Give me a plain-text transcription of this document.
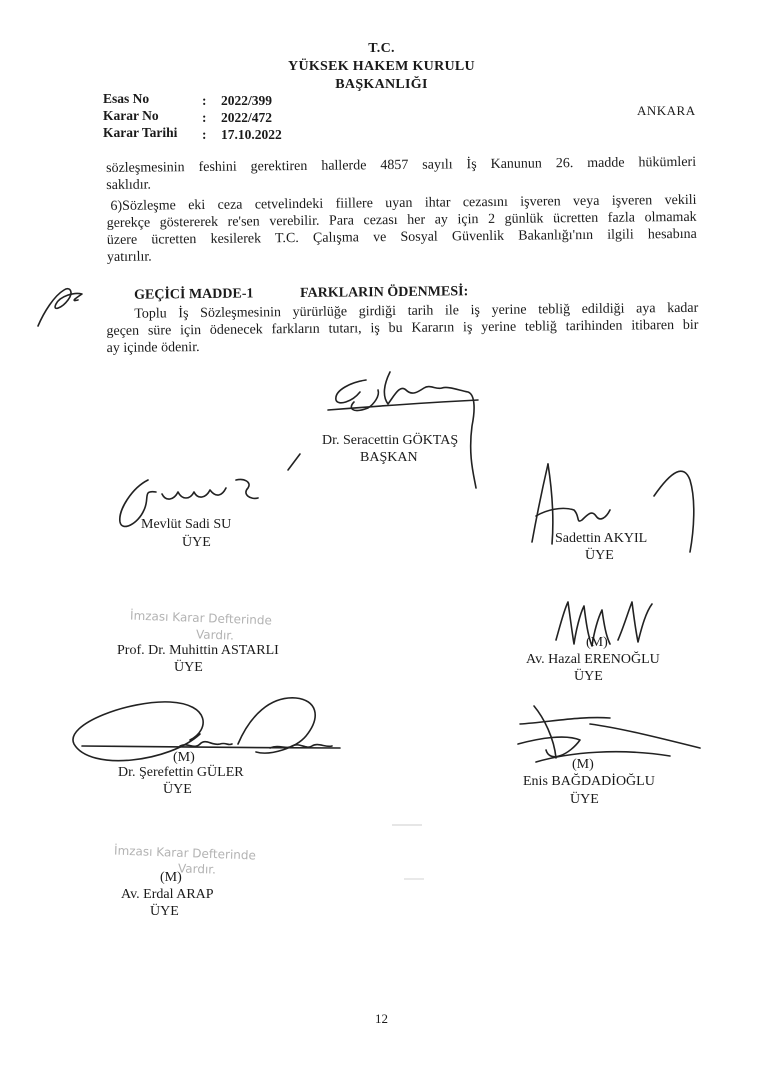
T.C.
YÜKSEK HAKEM KURULU
BAŞKANLIĞI
ANKARA
Esas No	: 2022/399
Karar No	: 2022/472
Karar Tarihi : 17.10.2022
sözleşmesinin feshini gerektiren hallerde 4857 sayılı İş Kanunun 26. madde hükümleri
saklıdır.
6)Sözleşme eki ceza cetvelindeki fiillere uyan ihtar cezasını işveren veya işveren vekili
gerekçe göstererek re'sen verebilir. Para cezası her ay için 2 günlük ücretten fazla olmamak
üzere ücretten kesilerek T.C. Çalışma ve Sosyal Güvenlik Bakanlığı'nın ilgili hesabına
yatırılır.
GEÇİCİ MADDE-1	FARKLARIN ÖDENMESİ:
Toplu İş Sözleşmesinin yürürlüğe girdiği tarih ile iş yerine tebliğ edildiği aya kadar
geçen süre için ödenecek farkların tutarı, iş bu Kararın iş yerine tebliğ tarihinden itibaren bir
ay içinde ödenir.
Dr. Seracettin GÖKTAŞ
BAŞKAN
Mevlüt Sadi SU
ÜYE	Sadettin AKYIL
ÜYE
İmzası Karar Defterinde
Vardır.
Prof. Dr. Muhittin ASTARLI
ÜYE
(M)
Av. Hazal ERENOĞLU
ÜYE
(M)
Dr. Şerefettin GÜLER
ÜYE
(M)
Enis BAĞDADİOĞLU
ÜYE
İmzası Karar Defterinde
Vardır.
(M)
Av. Erdal ARAP
ÜYE
12
